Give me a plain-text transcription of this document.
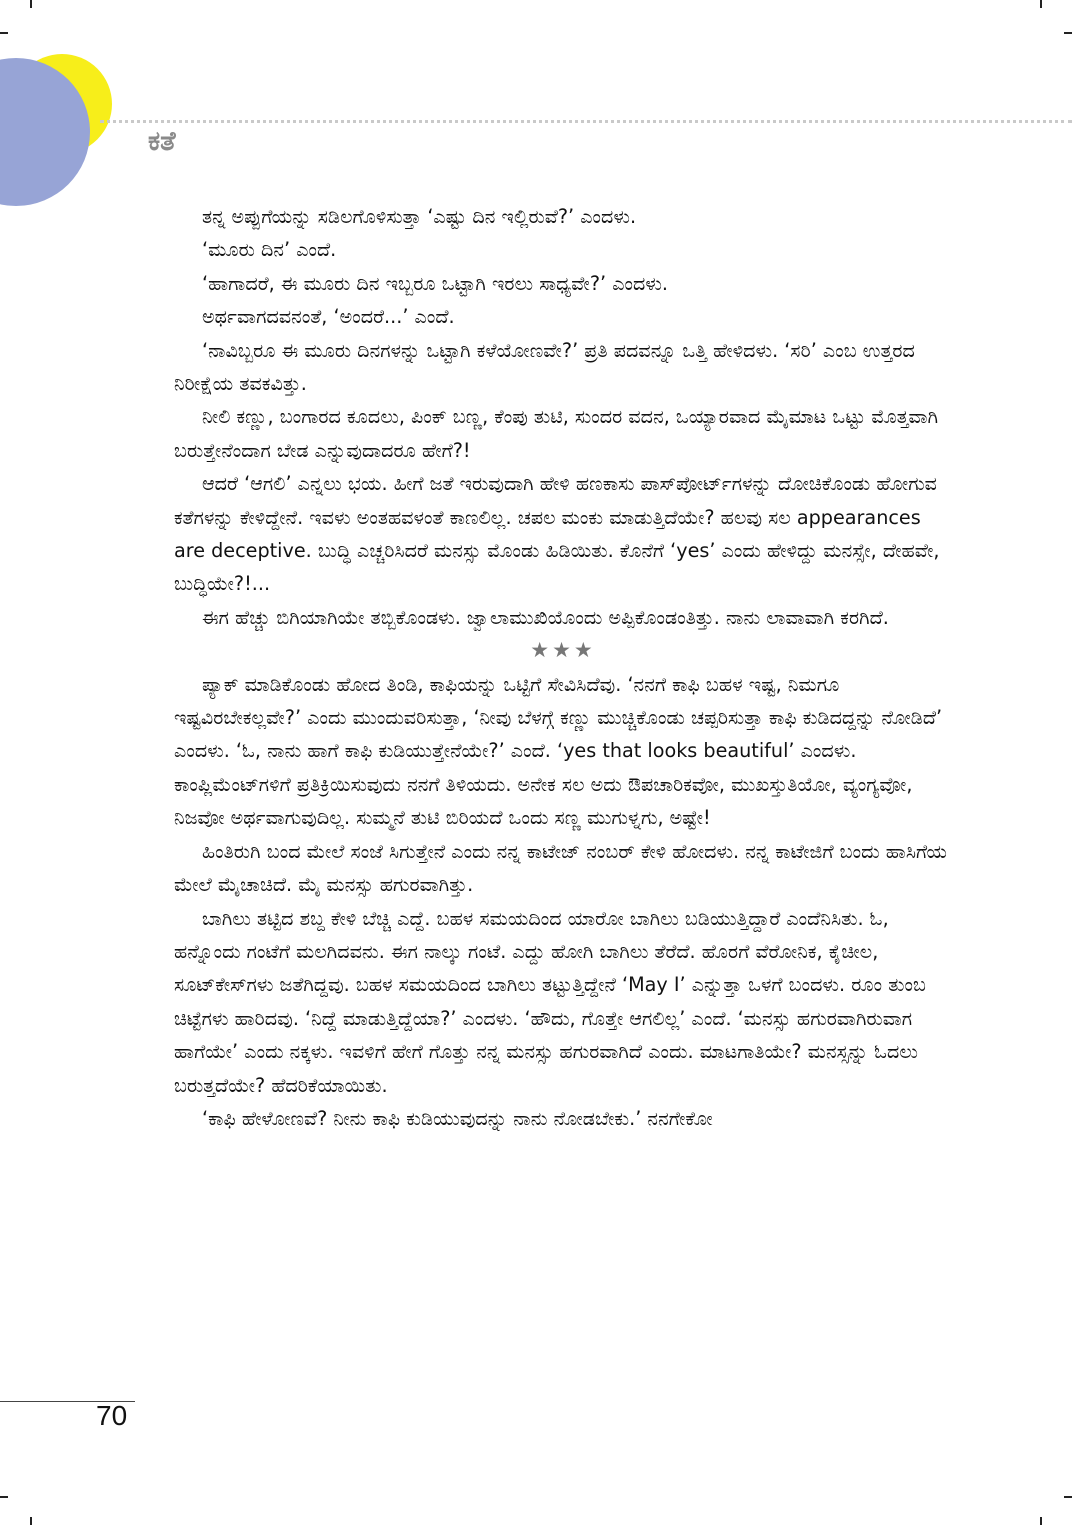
ಕತೆ

ತನ್ನ ಅಪ್ಪುಗೆಯನ್ನು ಸಡಿಲಗೊಳಿಸುತ್ತಾ ‘ಎಷ್ಟು ದಿನ ಇಲ್ಲಿರುವೆ?’ ಎಂದಳು.

‘ಮೂರು ದಿನ’ ಎಂದೆ.

‘ಹಾಗಾದರೆ, ಈ ಮೂರು ದಿನ ಇಬ್ಬರೂ ಒಟ್ಟಾಗಿ ಇರಲು ಸಾಧ್ಯವೇ?’ ಎಂದಳು.

ಅರ್ಥವಾಗದವನಂತೆ, ‘ಅಂದರೆ...’ ಎಂದೆ.

‘ನಾವಿಬ್ಬರೂ ಈ ಮೂರು ದಿನಗಳನ್ನು ಒಟ್ಟಾಗಿ ಕಳೆಯೋಣವೇ?’ ಪ್ರತಿ ಪದವನ್ನೂ ಒತ್ತಿ ಹೇಳಿದಳು. ‘ಸರಿ’ ಎಂಬ ಉತ್ತರದ ನಿರೀಕ್ಷೆಯ ತವಕವಿತ್ತು.

ನೀಲಿ ಕಣ್ಣು, ಬಂಗಾರದ ಕೂದಲು, ಪಿಂಕ್ ಬಣ್ಣ, ಕೆಂಪು ತುಟಿ, ಸುಂದರ ವದನ, ಒಯ್ಯಾರವಾದ ಮೈಮಾಟ ಒಟ್ಟು ಮೊತ್ತವಾಗಿ ಬರುತ್ತೇನೆಂದಾಗ ಬೇಡ ಎನ್ನುವುದಾದರೂ ಹೇಗೆ?!

ಆದರೆ ‘ಆಗಲಿ’ ಎನ್ನಲು ಭಯ. ಹೀಗೆ ಜತೆ ಇರುವುದಾಗಿ ಹೇಳಿ ಹಣಕಾಸು ಪಾಸ್‌ಪೋರ್ಟ್‌ಗಳನ್ನು ದೋಚಿಕೊಂಡು ಹೋಗುವ ಕತೆಗಳನ್ನು ಕೇಳಿದ್ದೇನೆ. ಇವಳು ಅಂತಹವಳಂತೆ ಕಾಣಲಿಲ್ಲ. ಚಪಲ ಮಂಕು ಮಾಡುತ್ತಿದೆಯೇ? ಹಲವು ಸಲ appearances are deceptive. ಬುದ್ಧಿ ಎಚ್ಚರಿಸಿದರೆ ಮನಸ್ಸು ಮೊಂಡು ಹಿಡಿಯಿತು. ಕೊನೆಗೆ ‘yes’ ಎಂದು ಹೇಳಿದ್ದು ಮನಸ್ಸೇ, ದೇಹವೇ, ಬುದ್ಧಿಯೇ?!...

ಈಗ ಹೆಚ್ಚು ಬಿಗಿಯಾಗಿಯೇ ತಬ್ಬಿಕೊಂಡಳು. ಜ್ವಾಲಾಮುಖಿಯೊಂದು ಅಪ್ಪಿಕೊಂಡಂತಿತ್ತು. ನಾನು ಲಾವಾವಾಗಿ ಕರಗಿದೆ.

★★★

ಪ್ಯಾಕ್ ಮಾಡಿಕೊಂಡು ಹೋದ ತಿಂಡಿ, ಕಾಫಿಯನ್ನು ಒಟ್ಟಿಗೆ ಸೇವಿಸಿದೆವು. ‘ನನಗೆ ಕಾಫಿ ಬಹಳ ಇಷ್ಟ, ನಿಮಗೂ ಇಷ್ಟವಿರಬೇಕಲ್ಲವೇ?’ ಎಂದು ಮುಂದುವರಿಸುತ್ತಾ, ‘ನೀವು ಬೆಳಗ್ಗೆ ಕಣ್ಣು ಮುಚ್ಚಿಕೊಂಡು ಚಪ್ಪರಿಸುತ್ತಾ ಕಾಫಿ ಕುಡಿದದ್ದನ್ನು ನೋಡಿದೆ’ ಎಂದಳು. ‘ಓ, ನಾನು ಹಾಗೆ ಕಾಫಿ ಕುಡಿಯುತ್ತೇನೆಯೇ?’ ಎಂದೆ. ‘yes that looks beautiful’ ಎಂದಳು. ಕಾಂಪ್ಲಿಮೆಂಟ್‌ಗಳಿಗೆ ಪ್ರತಿಕ್ರಿಯಿಸುವುದು ನನಗೆ ತಿಳಿಯದು. ಅನೇಕ ಸಲ ಅದು ಔಪಚಾರಿಕವೋ, ಮುಖಸ್ತುತಿಯೋ, ವ್ಯಂಗ್ಯವೋ, ನಿಜವೋ ಅರ್ಥವಾಗುವುದಿಲ್ಲ. ಸುಮ್ಮನೆ ತುಟಿ ಬಿರಿಯದೆ ಒಂದು ಸಣ್ಣ ಮುಗುಳ್ನಗು, ಅಷ್ಟೇ!

ಹಿಂತಿರುಗಿ ಬಂದ ಮೇಲೆ ಸಂಜೆ ಸಿಗುತ್ತೇನೆ ಎಂದು ನನ್ನ ಕಾಟೇಜ್ ನಂಬರ್ ಕೇಳಿ ಹೋದಳು. ನನ್ನ ಕಾಟೇಜಿಗೆ ಬಂದು ಹಾಸಿಗೆಯ ಮೇಲೆ ಮೈಚಾಚಿದೆ. ಮೈ ಮನಸ್ಸು ಹಗುರವಾಗಿತ್ತು.

ಬಾಗಿಲು ತಟ್ಟಿದ ಶಬ್ದ ಕೇಳಿ ಬೆಚ್ಚಿ ಎದ್ದೆ. ಬಹಳ ಸಮಯದಿಂದ ಯಾರೋ ಬಾಗಿಲು ಬಡಿಯುತ್ತಿದ್ದಾರೆ ಎಂದೆನಿಸಿತು. ಓ, ಹನ್ನೊಂದು ಗಂಟೆಗೆ ಮಲಗಿದವನು. ಈಗ ನಾಲ್ಕು ಗಂಟೆ. ಎದ್ದು ಹೋಗಿ ಬಾಗಿಲು ತೆರೆದೆ. ಹೊರಗೆ ವೆರೋನಿಕ, ಕೈಚೀಲ, ಸೂಟ್‌ಕೇಸ್‌ಗಳು ಜತೆಗಿದ್ದವು. ಬಹಳ ಸಮಯದಿಂದ ಬಾಗಿಲು ತಟ್ಟುತ್ತಿದ್ದೇನೆ ‘May I’ ಎನ್ನುತ್ತಾ ಒಳಗೆ ಬಂದಳು. ರೂಂ ತುಂಬ ಚಿಟ್ಟೆಗಳು ಹಾರಿದವು. ‘ನಿದ್ದೆ ಮಾಡುತ್ತಿದ್ದೆಯಾ?’ ಎಂದಳು. ‘ಹೌದು, ಗೊತ್ತೇ ಆಗಲಿಲ್ಲ’ ಎಂದೆ. ‘ಮನಸ್ಸು ಹಗುರವಾಗಿರುವಾಗ ಹಾಗೆಯೇ’ ಎಂದು ನಕ್ಕಳು. ಇವಳಿಗೆ ಹೇಗೆ ಗೊತ್ತು ನನ್ನ ಮನಸ್ಸು ಹಗುರವಾಗಿದೆ ಎಂದು. ಮಾಟಗಾತಿಯೇ? ಮನಸ್ಸನ್ನು ಓದಲು ಬರುತ್ತದೆಯೇ? ಹೆದರಿಕೆಯಾಯಿತು.

‘ಕಾಫಿ ಹೇಳೋಣವೆ? ನೀನು ಕಾಫಿ ಕುಡಿಯುವುದನ್ನು ನಾನು ನೋಡಬೇಕು.’ ನನಗೇಕೋ

70
